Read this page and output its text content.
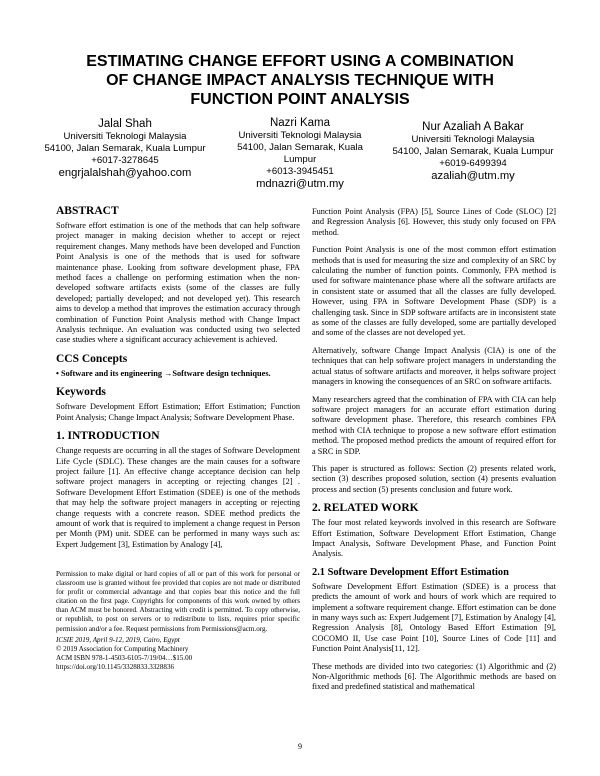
ESTIMATING CHANGE EFFORT USING A COMBINATION
OF CHANGE IMPACT ANALYSIS TECHNIQUE WITH
FUNCTION POINT ANALYSIS
Jalal Shah
Universiti Teknologi Malaysia
54100, Jalan Semarak, Kuala Lumpur
+6017-3278645
engrjalalshah@yahoo.com
Nazri Kama
Universiti Teknologi Malaysia
54100, Jalan Semarak, Kuala Lumpur
+6013-3945451
mdnazri@utm.my
Nur Azaliah A Bakar
Universiti Teknologi Malaysia
54100, Jalan Semarak, Kuala Lumpur
+6019-6499394
azaliah@utm.my
ABSTRACT

Software effort estimation is one of the methods that can help software project manager in making decision whether to accept or reject requirement changes. Many methods have been developed and Function Point Analysis is one of the methods that is used for software maintenance phase. Looking from software development phase, FPA method faces a challenge on performing estimation when the non-developed software artifacts exists (some of the classes are fully developed; partially developed; and not developed yet). This research aims to develop a method that improves the estimation accuracy through combination of Function Point Analysis method with Change Impact Analysis technique. An evaluation was conducted using two selected case studies where a significant accuracy achievement is achieved.

CCS Concepts

• Software and its engineering →Software design techniques.

Keywords

Software Development Effort Estimation; Effort Estimation; Function Point Analysis; Change Impact Analysis; Software Development Phase.

1. INTRODUCTION

Change requests are occurring in all the stages of Software Development Life Cycle (SDLC). These changes are the main causes for a software project failure [1]. An effective change acceptance decision can help software project managers in accepting or rejecting changes [2] . Software Development Effort Estimation (SDEE) is one of the methods that may help the software project managers in accepting or rejecting change requests with a concrete reason. SDEE method predicts the amount of work that is required to implement a change request in Person per Month (PM) unit. SDEE can be performed in many ways such as: Expert Judgement [3], Estimation by Analogy [4],

Permission to make digital or hard copies of all or part of this work for personal or classroom use is granted without fee provided that copies are not made or distributed for profit or commercial advantage and that copies bear this notice and the full citation on the first page. Copyrights for components of this work owned by others than ACM must be honored. Abstracting with credit is permitted. To copy otherwise, or republish, to post on servers or to redistribute to lists, requires prior specific permission and/or a fee. Request permissions from Permissions@acm.org.

ICSIE 2019, April 9-12, 2019, Cairo, Egypt
© 2019 Association for Computing Machinery
ACM ISBN 978-1-4503-6105-7/19/04…$15.00
https://doi.org/10.1145/3328833.3328836

Function Point Analysis (FPA) [5], Source Lines of Code (SLOC) [2] and Regression Analysis [6]. However, this study only focused on FPA method.

Function Point Analysis is one of the most common effort estimation methods that is used for measuring the size and complexity of an SRC by calculating the number of function points. Commonly, FPA method is used for software maintenance phase where all the software artifacts are in consistent state or assumed that all the classes are fully developed. However, using FPA in Software Development Phase (SDP) is a challenging task. Since in SDP software artifacts are in inconsistent state as some of the classes are fully developed, some are partially developed and some of the classes are not developed yet.

Alternatively, software Change Impact Analysis (CIA) is one of the techniques that can help software project managers in understanding the actual status of software artifacts and moreover, it helps software project managers in knowing the consequences of an SRC on software artifacts.

Many researchers agreed that the combination of FPA with CIA can help software project managers for an accurate effort estimation during software development phase. Therefore, this research combines FPA method with CIA technique to propose a new software effort estimation method. The proposed method predicts the amount of required effort for a SRC in SDP.

This paper is structured as follows: Section (2) presents related work, section (3) describes proposed solution, section (4) presents evaluation process and section (5) presents conclusion and future work.

2. RELATED WORK

The four most related keywords involved in this research are Software Effort Estimation, Software Development Effort Estimation, Change Impact Analysis, Software Development Phase, and Function Point Analysis.

2.1 Software Development Effort Estimation

Software Development Effort Estimation (SDEE) is a process that predicts the amount of work and hours of work which are required to implement a software requirement change. Effort estimation can be done in many ways such as: Expert Judgement [7], Estimation by Analogy [4], Regression Analysis [8], Ontology Based Effort Estimation [9], COCOMO II, Use case Point [10], Source Lines of Code [11] and Function Point Analysis[11, 12].

These methods are divided into two categories: (1) Algorithmic and (2) Non-Algorithmic methods [6]. The Algorithmic methods are based on fixed and predefined statistical and mathematical

9
